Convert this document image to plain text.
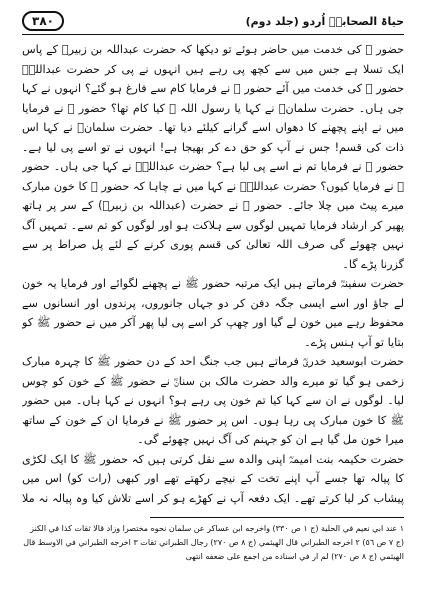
۳۸۰	حیاۃ الصحابہؓ اُردو (جلد دوم)

حضور ﷺ کی خدمت میں حاضر ہوئے تو دیکھا کہ حضرت عبداللہ بن زبیرؓ کے پاس ایک تسلا ہے جس میں سے کچھ پی رہے ہیں انہوں نے پی کر حضرت عبداللہؓ حضور ﷺ کی خدمت میں آئے حضور ﷺ نے فرمایا کام سے فارغ ہو گئے؟ انہوں نے کہا جی ہاں۔ حضرت سلمانؓ نے کہا یا رسول اللہ ﷺ کیا کام تھا؟ حضور ﷺ نے فرمایا میں نے اپنے پچھنے کا دھواں اسے گرانے کیلئے دیا تھا۔ حضرت سلمانؓ نے کہا اس ذات کی قسم! جس نے آپ کو حق دے کر بھیجا ہے! انہوں نے تو اسے پی لیا ہے۔ حضور ﷺ نے فرمایا تم نے اسے پی لیا ہے؟ حضرت عبداللہؓ نے کہا جی ہاں۔ حضور ﷺ نے فرمایا کیوں؟ حضرت عبداللہؓ نے کہا میں نے چاہا کہ حضور ﷺ کا خون مبارک میرے پیٹ میں چلا جائے۔ حضور ﷺ نے حضرت (عبداللہ بن زبیرؓ) کے سر پر ہاتھ پھیر کر ارشاد فرمایا تمہیں لوگوں سے ہلاکت ہو اور لوگوں کو تم سے۔ تمہیں آگ نہیں چھوئے گی صرف اللہ تعالیٰ کی قسم پوری کرنے کے لئے پل صراط پر سے گزرنا پڑے گا۔

حضرت سفینہؓ فرماتے ہیں ایک مرتبہ حضور ﷺ نے پچھنے لگوائے اور فرمایا یہ خون لے جاؤ اور اسے ایسی جگہ دفن کر دو جہاں جانوروں، پرندوں اور انسانوں سے محفوظ رہے میں خون لے گیا اور چھپ کر اسے پی لیا پھر آکر میں نے حضور ﷺ کو بتایا تو آپ ہنس پڑے۔

حضرت ابوسعید خدریؓ فرماتے ہیں جب جنگ احد کے دن حضور ﷺ کا چہرہ مبارک زخمی ہو گیا تو میرے والد حضرت مالک بن سنانؓ نے حضور ﷺ کے خون کو چوس لیا۔ لوگوں نے ان سے کہا کیا تم خون پی رہے ہو؟ انہوں نے کہا ہاں۔ میں حضور ﷺ کا خون مبارک پی رہا ہوں۔ اس پر حضور ﷺ نے فرمایا ان کے خون کے ساتھ میرا خون مل گیا ہے ان کو جہنم کی آگ نہیں چھوئے گی۔

حضرت حکیمہ بنت امیمہؓ اپنی والدہ سے نقل کرتی ہیں کہ حضور ﷺ کا ایک لکڑی کا پیالہ تھا جسے آپ اپنے تخت کے نیچے رکھتے تھے اور کبھی (رات کو) اس میں پیشاب کر لیا کرتے تھے۔ ایک دفعہ آپ نے کھڑے ہو کر اسے تلاش کیا وہ پیالہ نہ ملا

١ عند ابي نعيم في الحلية (ج ١ ص ٣٣٠) واخرجه ابن عساكر عن سلمان نحوه مختصرا وزاد قالا ثقات كذا في الكنز (ج ٧ ص ٥٦) ٢ اخرجه الطبراني قال الهيثمي (ج ٨ ص ٢٧٠) رجال الطبراني ثقات ٣ اخرجه الطبراني في الاوسط قال الهيثمي (ج ٨ ص ٢٧٠) لم ار في اسناده من اجمع على ضعفه انتهى
